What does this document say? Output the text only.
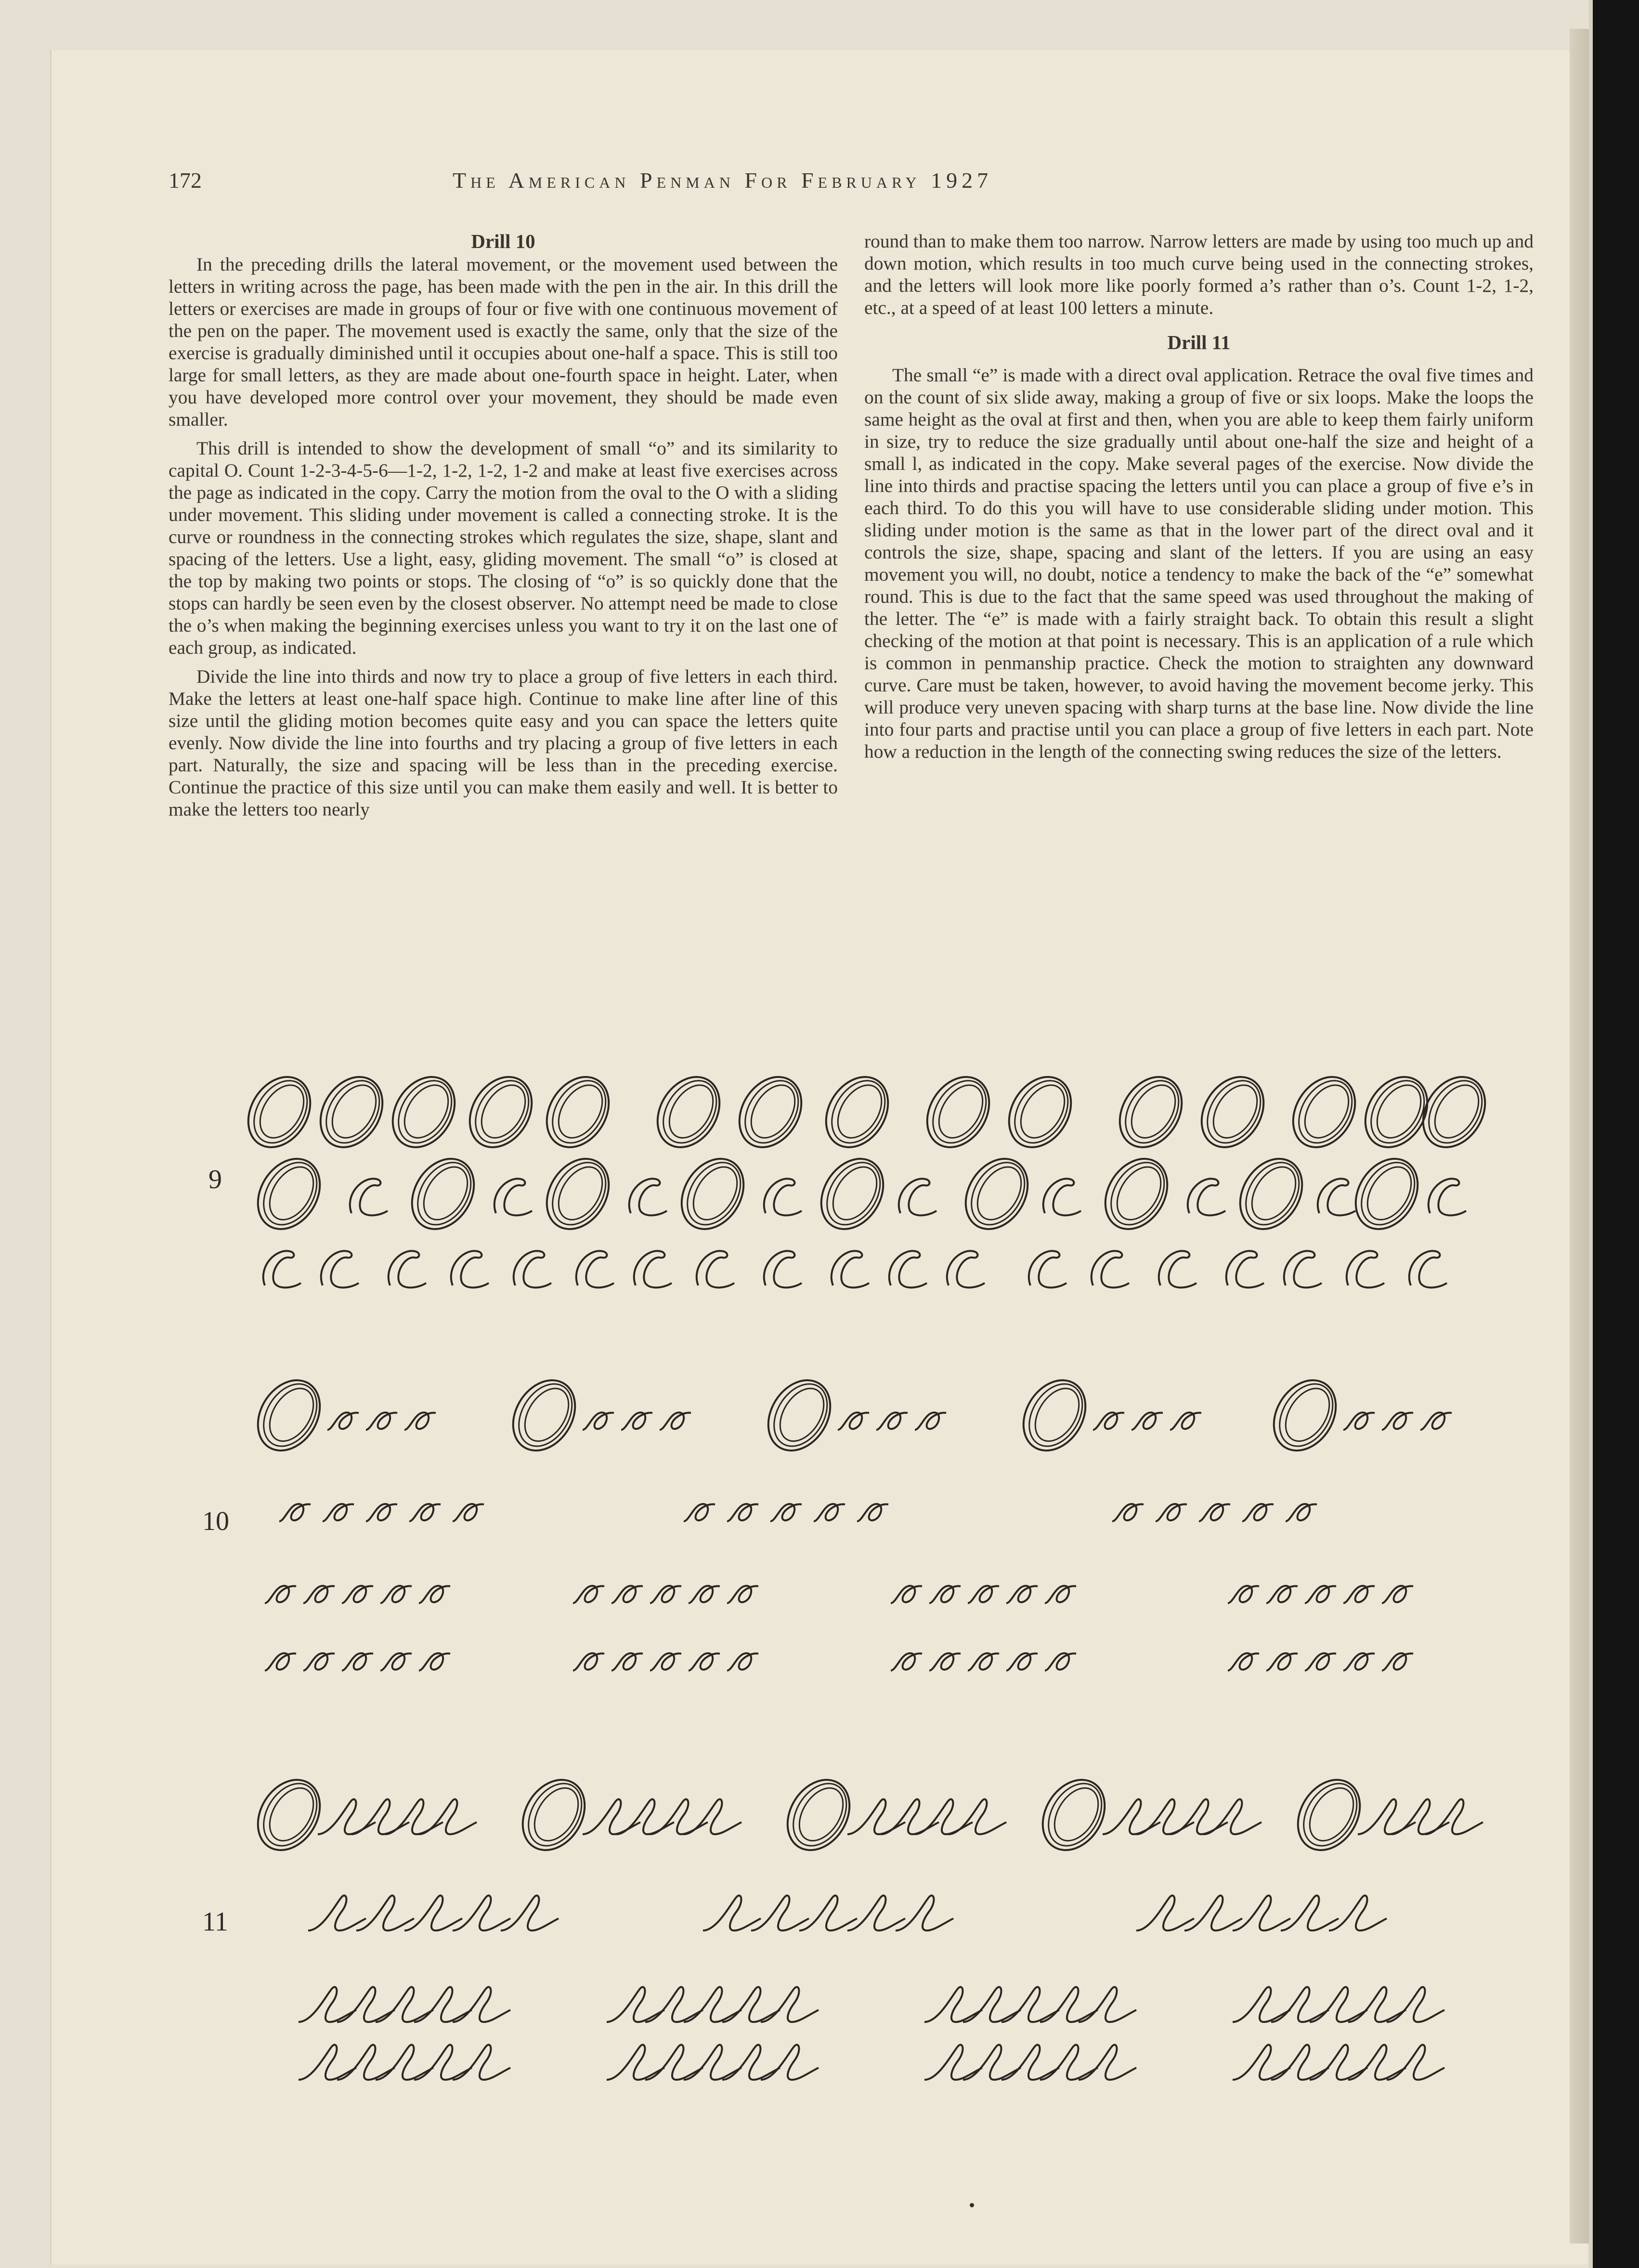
172	The American Penman For February 1927
Drill 10

In the preceding drills the lateral movement, or the movement used between the letters in writing across the page, has been made with the pen in the air. In this drill the letters or exercises are made in groups of four or five with one continuous movement of the pen on the paper. The movement used is exactly the same, only that the size of the exercise is gradually diminished until it occupies about one-half a space. This is still too large for small letters, as they are made about one-fourth space in height. Later, when you have developed more control over your movement, they should be made even smaller.

This drill is intended to show the development of small “o” and its similarity to capital O. Count 1-2-3-4-5-6—1-2, 1-2, 1-2, 1-2 and make at least five exercises across the page as indicated in the copy. Carry the motion from the oval to the O with a sliding under movement. This sliding under movement is called a connecting stroke. It is the curve or roundness in the connecting strokes which regulates the size, shape, slant and spacing of the letters. Use a light, easy, gliding movement. The small “o” is closed at the top by making two points or stops. The closing of “o” is so quickly done that the stops can hardly be seen even by the closest observer. No attempt need be made to close the o’s when making the beginning exercises unless you want to try it on the last one of each group, as indicated.

Divide the line into thirds and now try to place a group of five letters in each third. Make the letters at least one-half space high. Continue to make line after line of this size until the gliding motion becomes quite easy and you can space the letters quite evenly. Now divide the line into fourths and try placing a group of five letters in each part. Naturally, the size and spacing will be less than in the preceding exercise. Continue the practice of this size until you can make them easily and well. It is better to make the letters too nearly

round than to make them too narrow. Narrow letters are made by using too much up and down motion, which results in too much curve being used in the connecting strokes, and the letters will look more like poorly formed a’s rather than o’s. Count 1-2, 1-2, etc., at a speed of at least 100 letters a minute.

Drill 11

The small “e” is made with a direct oval application. Retrace the oval five times and on the count of six slide away, making a group of five or six loops. Make the loops the same height as the oval at first and then, when you are able to keep them fairly uniform in size, try to reduce the size gradually until about one-half the size and height of a small l, as indicated in the copy. Make several pages of the exercise. Now divide the line into thirds and practise spacing the letters until you can place a group of five e’s in each third. To do this you will have to use considerable sliding under motion. This sliding under motion is the same as that in the lower part of the direct oval and it controls the size, shape, spacing and slant of the letters. If you are using an easy movement you will, no doubt, notice a tendency to make the back of the “e” somewhat round. This is due to the fact that the same speed was used throughout the making of the letter. The “e” is made with a fairly straight back. To obtain this result a slight checking of the motion at that point is necessary. This is an application of a rule which is common in penmanship practice. Check the motion to straighten any downward curve. Care must be taken, however, to avoid having the movement become jerky. This will produce very uneven spacing with sharp turns at the base line. Now divide the line into four parts and practise until you can place a group of five letters in each part. Note how a reduction in the length of the connecting swing reduces the size of the letters.

9
10
11
